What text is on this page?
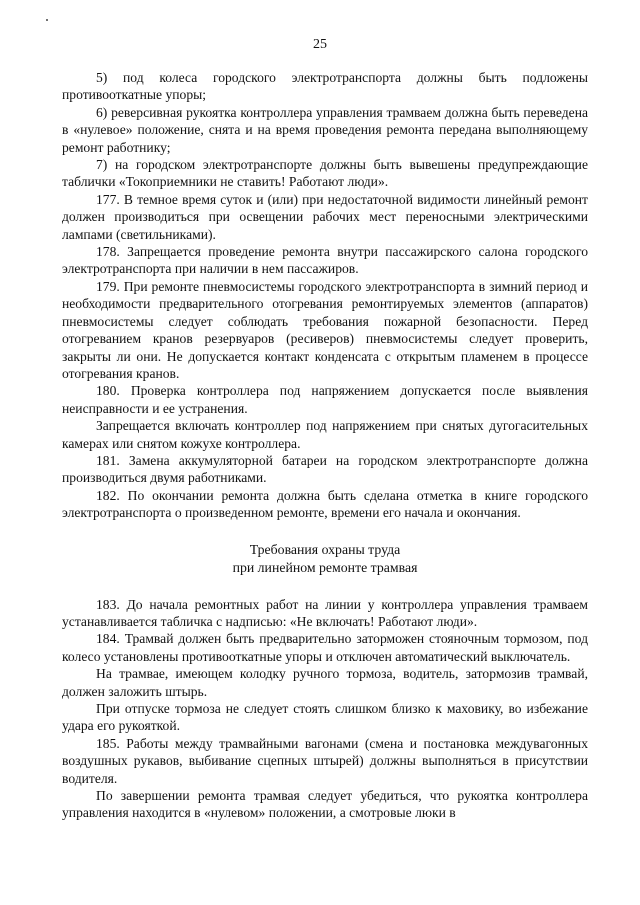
25

5) под колеса городского электротранспорта должны быть подложены противооткатные упоры;

6) реверсивная рукоятка контроллера управления трамваем должна быть переведена в «нулевое» положение, снята и на время проведения ремонта передана выполняющему ремонт работнику;

7) на городском электротранспорте должны быть вывешены предупреждающие таблички «Токоприемники не ставить! Работают люди».

177. В темное время суток и (или) при недостаточной видимости линейный ремонт должен производиться при освещении рабочих мест переносными электрическими лампами (светильниками).

178. Запрещается проведение ремонта внутри пассажирского салона городского электротранспорта при наличии в нем пассажиров.

179. При ремонте пневмосистемы городского электротранспорта в зимний период и необходимости предварительного отогревания ремонтируемых элементов (аппаратов) пневмосистемы следует соблюдать требования пожарной безопасности. Перед отогреванием кранов резервуаров (ресиверов) пневмосистемы следует проверить, закрыты ли они. Не допускается контакт конденсата с открытым пламенем в процессе отогревания кранов.

180. Проверка контроллера под напряжением допускается после выявления неисправности и ее устранения.

Запрещается включать контроллер под напряжением при снятых дугогасительных камерах или снятом кожухе контроллера.

181. Замена аккумуляторной батареи на городском электротранспорте должна производиться двумя работниками.

182. По окончании ремонта должна быть сделана отметка в книге городского электротранспорта о произведенном ремонте, времени его начала и окончания.

Требования охраны труда
при линейном ремонте трамвая

183. До начала ремонтных работ на линии у контроллера управления трамваем устанавливается табличка с надписью: «Не включать! Работают люди».

184. Трамвай должен быть предварительно заторможен стояночным тормозом, под колесо установлены противооткатные упоры и отключен автоматический выключатель.

На трамвае, имеющем колодку ручного тормоза, водитель, затормозив трамвай, должен заложить штырь.

При отпуске тормоза не следует стоять слишком близко к маховику, во избежание удара его рукояткой.

185. Работы между трамвайными вагонами (смена и постановка междувагонных воздушных рукавов, выбивание сцепных штырей) должны выполняться в присутствии водителя.

По завершении ремонта трамвая следует убедиться, что рукоятка контроллера управления находится в «нулевом» положении, а смотровые люки в
